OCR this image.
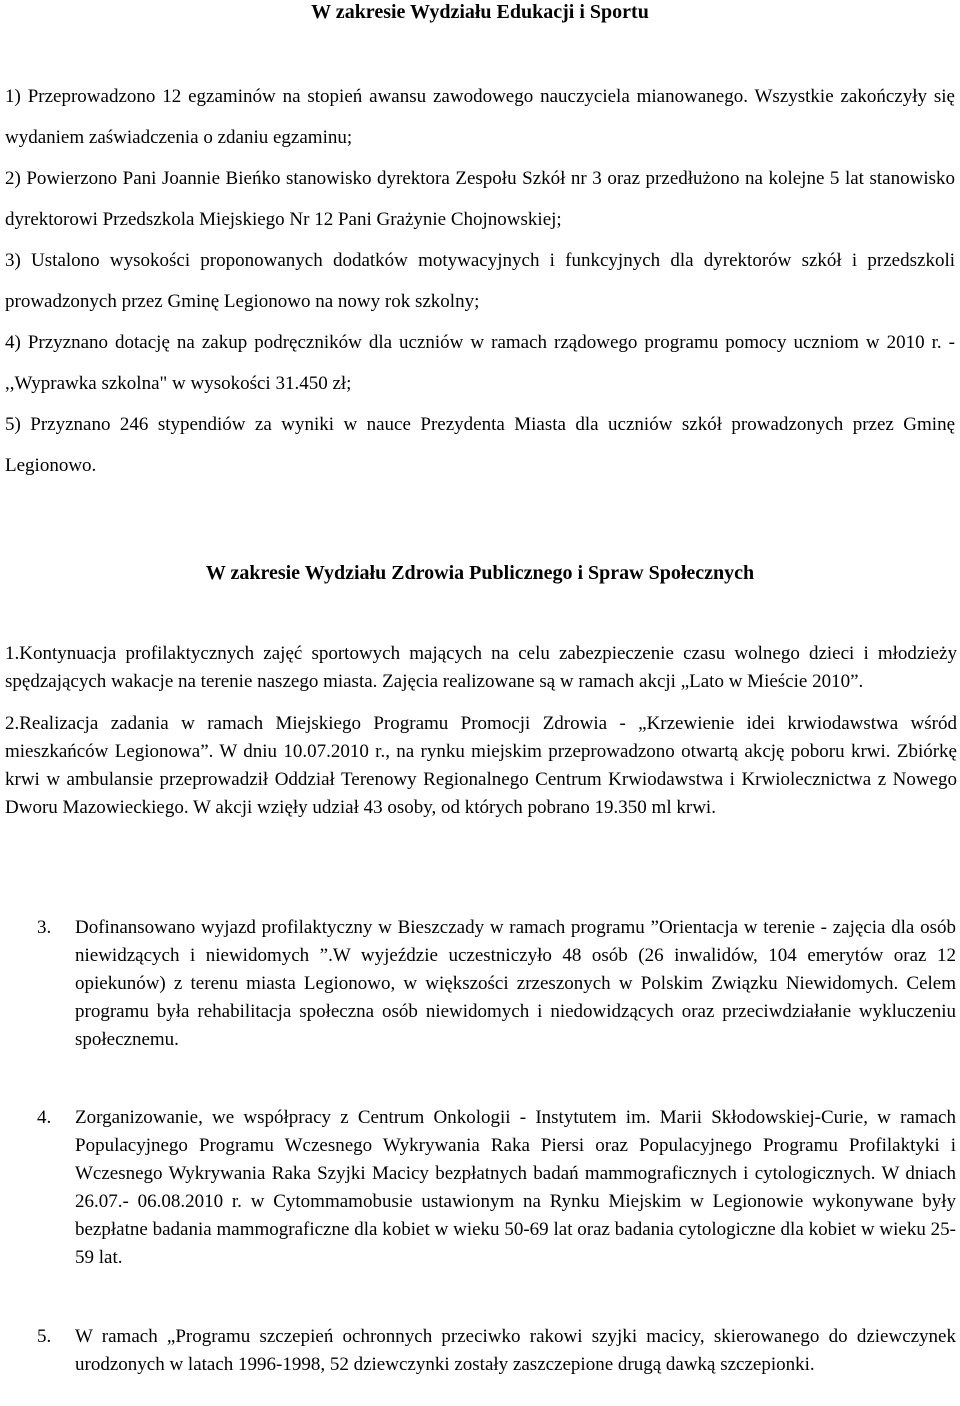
W zakresie Wydziału Edukacji i Sportu

1) Przeprowadzono 12 egzaminów na stopień awansu zawodowego nauczyciela mianowanego. Wszystkie zakończyły się wydaniem zaświadczenia o zdaniu egzaminu;

2) Powierzono Pani Joannie Bieńko stanowisko dyrektora Zespołu Szkół nr 3 oraz przedłużono na kolejne 5 lat stanowisko dyrektorowi Przedszkola Miejskiego Nr 12 Pani Grażynie Chojnowskiej;

3) Ustalono wysokości proponowanych dodatków motywacyjnych i funkcyjnych dla dyrektorów szkół i przedszkoli prowadzonych przez Gminę Legionowo na nowy rok szkolny;

4) Przyznano dotację na zakup podręczników dla uczniów w ramach rządowego programu pomocy uczniom w 2010 r. - ,,Wyprawka szkolna" w wysokości 31.450 zł;

5) Przyznano 246 stypendiów za wyniki w nauce Prezydenta Miasta dla uczniów szkół prowadzonych przez Gminę Legionowo.

W zakresie Wydziału Zdrowia Publicznego i Spraw Społecznych

1.Kontynuacja profilaktycznych zajęć sportowych mających na celu zabezpieczenie czasu wolnego dzieci i młodzieży spędzających wakacje na terenie naszego miasta. Zajęcia realizowane są w ramach akcji „Lato w Mieście 2010”.

2.Realizacja zadania w ramach Miejskiego Programu Promocji Zdrowia - „Krzewienie idei krwiodawstwa wśród mieszkańców Legionowa”. W dniu 10.07.2010 r., na rynku miejskim przeprowadzono otwartą akcję poboru krwi. Zbiórkę krwi w ambulansie przeprowadził Oddział Terenowy Regionalnego Centrum Krwiodawstwa i Krwiolecznictwa z Nowego Dworu Mazowieckiego. W akcji wzięły udział 43 osoby, od których pobrano 19.350 ml krwi.

3. Dofinansowano wyjazd profilaktyczny w Bieszczady w ramach programu ”Orientacja w terenie - zajęcia dla osób niewidzących i niewidomych ”.W wyjeździe uczestniczyło 48 osób (26 inwalidów, 104 emerytów oraz 12 opiekunów) z terenu miasta Legionowo, w większości zrzeszonych w Polskim Związku Niewidomych. Celem programu była rehabilitacja społeczna osób niewidomych i niedowidzących oraz przeciwdziałanie wykluczeniu społecznemu.
4. Zorganizowanie, we współpracy z Centrum Onkologii - Instytutem im. Marii Skłodowskiej-Curie, w ramach Populacyjnego Programu Wczesnego Wykrywania Raka Piersi oraz Populacyjnego Programu Profilaktyki i Wczesnego Wykrywania Raka Szyjki Macicy bezpłatnych badań mammograficznych i cytologicznych. W dniach 26.07.- 06.08.2010 r. w Cytommamobusie ustawionym na Rynku Miejskim w Legionowie wykonywane były bezpłatne badania mammograficzne dla kobiet w wieku 50-69 lat oraz badania cytologiczne dla kobiet w wieku 25-59 lat.
5. W ramach „Programu szczepień ochronnych przeciwko rakowi szyjki macicy, skierowanego do dziewczynek urodzonych w latach 1996-1998, 52 dziewczynki zostały zaszczepione drugą dawką szczepionki.
